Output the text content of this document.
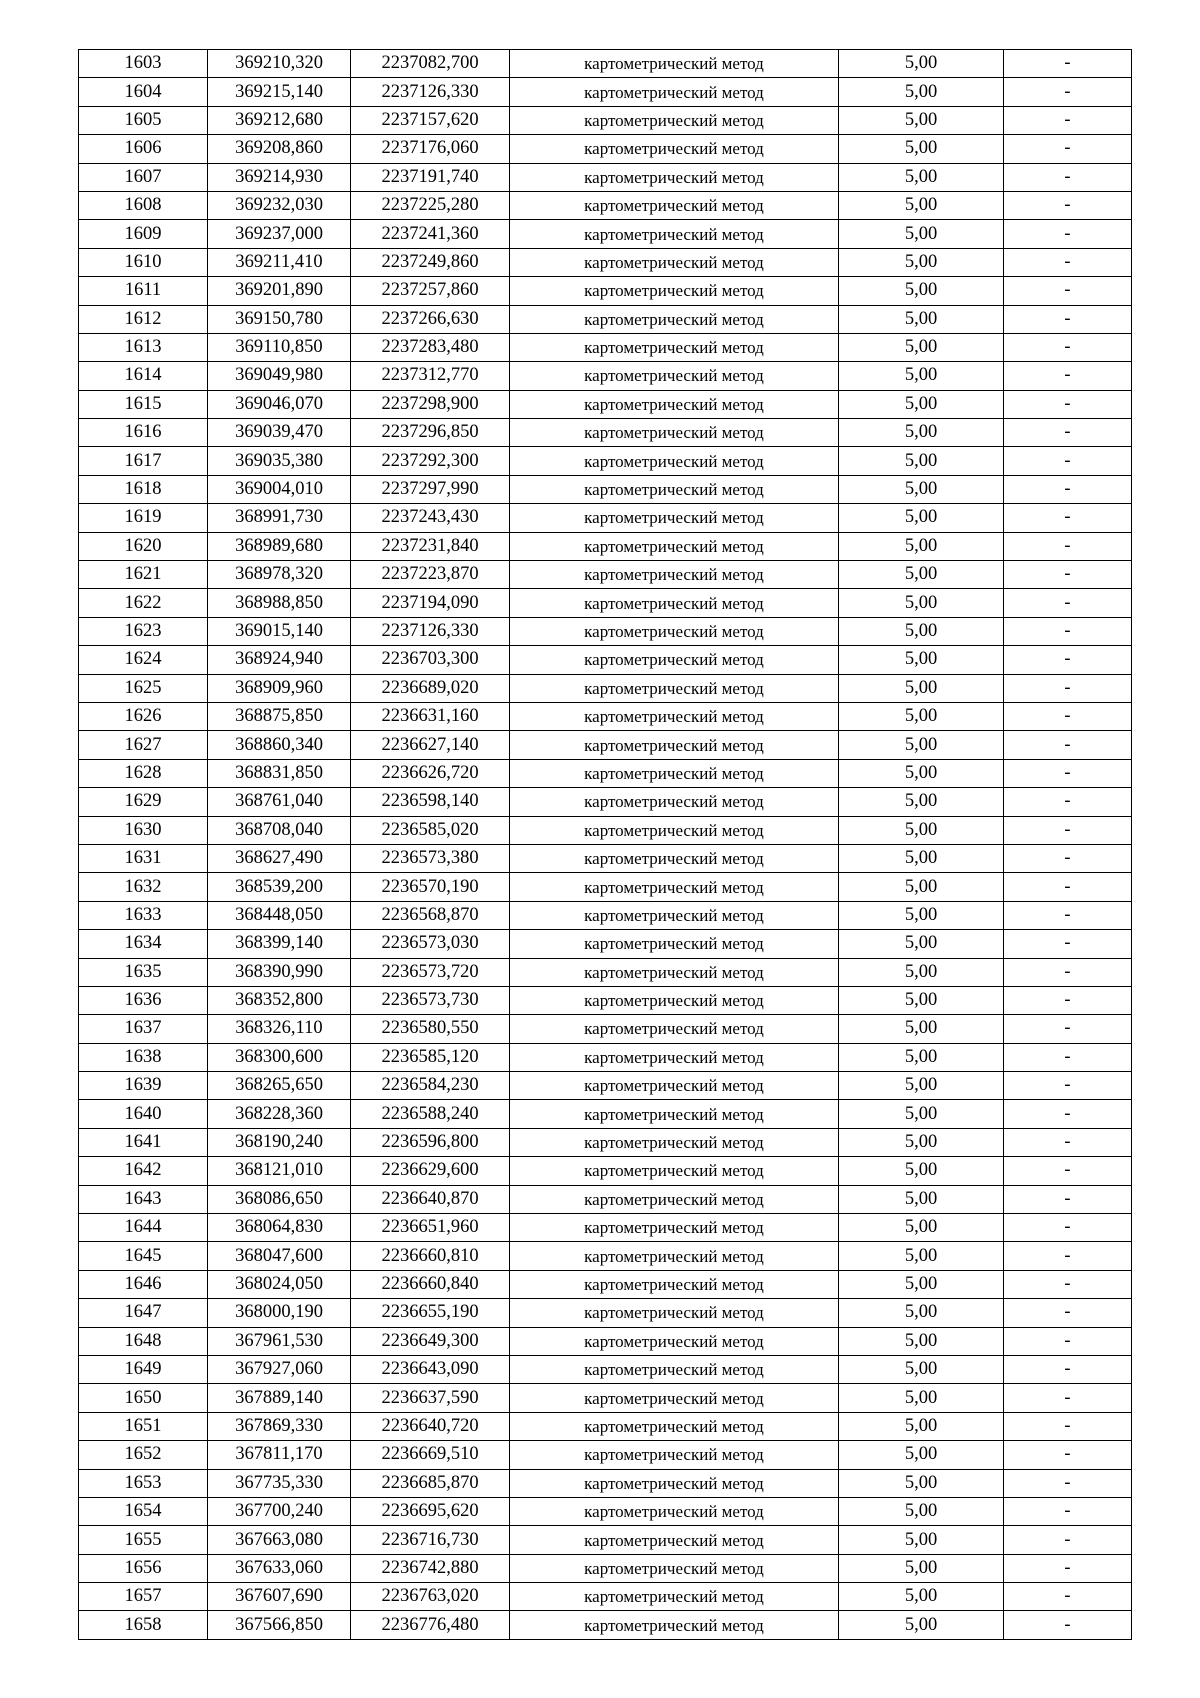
1603	369210,320	2237082,700	картометрический метод	5,00	-
1604	369215,140	2237126,330	картометрический метод	5,00	-
1605	369212,680	2237157,620	картометрический метод	5,00	-
1606	369208,860	2237176,060	картометрический метод	5,00	-
1607	369214,930	2237191,740	картометрический метод	5,00	-
1608	369232,030	2237225,280	картометрический метод	5,00	-
1609	369237,000	2237241,360	картометрический метод	5,00	-
1610	369211,410	2237249,860	картометрический метод	5,00	-
1611	369201,890	2237257,860	картометрический метод	5,00	-
1612	369150,780	2237266,630	картометрический метод	5,00	-
1613	369110,850	2237283,480	картометрический метод	5,00	-
1614	369049,980	2237312,770	картометрический метод	5,00	-
1615	369046,070	2237298,900	картометрический метод	5,00	-
1616	369039,470	2237296,850	картометрический метод	5,00	-
1617	369035,380	2237292,300	картометрический метод	5,00	-
1618	369004,010	2237297,990	картометрический метод	5,00	-
1619	368991,730	2237243,430	картометрический метод	5,00	-
1620	368989,680	2237231,840	картометрический метод	5,00	-
1621	368978,320	2237223,870	картометрический метод	5,00	-
1622	368988,850	2237194,090	картометрический метод	5,00	-
1623	369015,140	2237126,330	картометрический метод	5,00	-
1624	368924,940	2236703,300	картометрический метод	5,00	-
1625	368909,960	2236689,020	картометрический метод	5,00	-
1626	368875,850	2236631,160	картометрический метод	5,00	-
1627	368860,340	2236627,140	картометрический метод	5,00	-
1628	368831,850	2236626,720	картометрический метод	5,00	-
1629	368761,040	2236598,140	картометрический метод	5,00	-
1630	368708,040	2236585,020	картометрический метод	5,00	-
1631	368627,490	2236573,380	картометрический метод	5,00	-
1632	368539,200	2236570,190	картометрический метод	5,00	-
1633	368448,050	2236568,870	картометрический метод	5,00	-
1634	368399,140	2236573,030	картометрический метод	5,00	-
1635	368390,990	2236573,720	картометрический метод	5,00	-
1636	368352,800	2236573,730	картометрический метод	5,00	-
1637	368326,110	2236580,550	картометрический метод	5,00	-
1638	368300,600	2236585,120	картометрический метод	5,00	-
1639	368265,650	2236584,230	картометрический метод	5,00	-
1640	368228,360	2236588,240	картометрический метод	5,00	-
1641	368190,240	2236596,800	картометрический метод	5,00	-
1642	368121,010	2236629,600	картометрический метод	5,00	-
1643	368086,650	2236640,870	картометрический метод	5,00	-
1644	368064,830	2236651,960	картометрический метод	5,00	-
1645	368047,600	2236660,810	картометрический метод	5,00	-
1646	368024,050	2236660,840	картометрический метод	5,00	-
1647	368000,190	2236655,190	картометрический метод	5,00	-
1648	367961,530	2236649,300	картометрический метод	5,00	-
1649	367927,060	2236643,090	картометрический метод	5,00	-
1650	367889,140	2236637,590	картометрический метод	5,00	-
1651	367869,330	2236640,720	картометрический метод	5,00	-
1652	367811,170	2236669,510	картометрический метод	5,00	-
1653	367735,330	2236685,870	картометрический метод	5,00	-
1654	367700,240	2236695,620	картометрический метод	5,00	-
1655	367663,080	2236716,730	картометрический метод	5,00	-
1656	367633,060	2236742,880	картометрический метод	5,00	-
1657	367607,690	2236763,020	картометрический метод	5,00	-
1658	367566,850	2236776,480	картометрический метод	5,00	-
